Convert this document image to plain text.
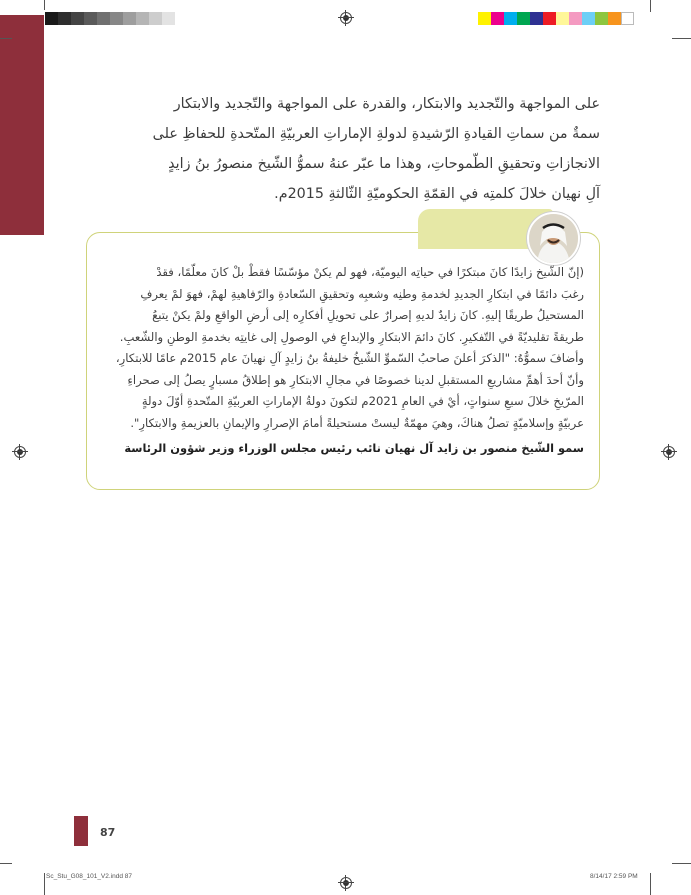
على المواجهة والتّجديد والابتكار، والقدرة على المواجهة والتّجديد والابتكار

سمةٌ من سماتِ القيادةِ الرّشيدةِ لدولةِ الإماراتِ العربيّةِ المتّحدةِ للحفاظِ على

الانجازاتِ وتحقيقِ الطّموحاتِ، وهذا ما عبّر عنهُ سموُّ الشّيخ منصورُ بنُ زايدٍ

آلِ نهيان خلالَ كلمتِه في القمّةِ الحكوميّةِ الثّالثةِ 2015م.

(إنّ الشّيخ زايدًا كانَ مبتكرًا في حياتِه اليوميّة، فهو لم يكنْ مؤسّسًا فقطْ بلْ كانَ معلّمًا، فقدْ

رغبَ دائمًا في ابتكارِ الجديدِ لخدمةِ وطنِه وشعبِه وتحقيقِ السّعادةِ والرّفاهيةِ لهمْ، فهوَ لمْ يعرفِ

المستحيلُ طريقًا إليهِ. كانَ زايدٌ لديهِ إصرارٌ على تحويلِ أفكارِه إلى أرضِ الواقعِ ولمْ يكنْ يتبعُ

طريقةً تقليديّةً في التّفكيرِ. كانَ دائمَ الابتكارِ والإبداعِ في الوصولِ إلى غايتِه بخدمةِ الوطنِ والشّعبِ.

وأضافَ سموُّهُ: "الذكرَ أعلنَ صاحبُ السّموِّ الشّيخُ خليفةُ بنُ زايدٍ آلِ نهيانَ عام 2015م عامًا للابتكارِ،

وأنّ أحدَ أهمِّ مشاريعِ المستقبلِ لدينا خصوصًا في مجالِ الابتكارِ هو إطلاقُ مسبارٍ يصلُ إلى صحراءِ

المرّيخِ خلالَ سبعِ سنواتٍ، أيْ في العامِ 2021م لتكونَ دولةُ الإماراتِ العربيّةِ المتّحدةِ أوّلَ دولةٍ

عربيّةٍ وإسلاميّةٍ تصلُ هناكَ، وهيَ مهمّةٌ ليستْ مستحيلةً أمامَ الإصرارِ والإيمانِ بالعزيمةِ والابتكارِ".

سمو الشّيخ منصور بن زايد آل نهيان نائب رئيس مجلس الوزراء وزير شؤون الرئاسة
87
Sc_Stu_G08_101_V2.indd 87	8/14/17 2:59 PM
